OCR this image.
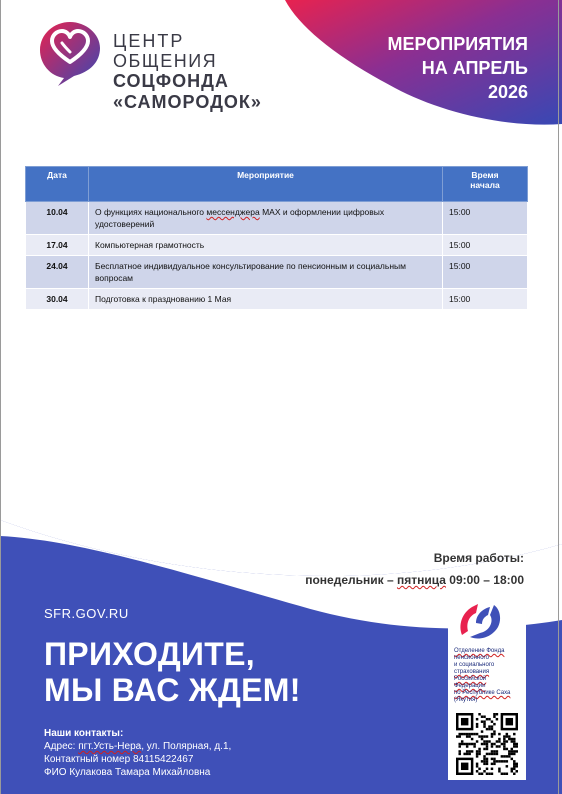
МЕРОПРИЯТИЯ
НА АПРЕЛЬ
2026
ЦЕНТР
ОБЩЕНИЯ
СОЦФОНДА
«САМОРОДОК»
Дата	Мероприятие	Время
начала

10.04	О функциях национального мессенджера MAX и оформлении цифровых удостоверений	15:00
17.04	Компьютерная грамотность	15:00
24.04	Бесплатное индивидуальное консультирование по пенсионным и социальным вопросам	15:00
30.04	Подготовка к празднованию 1 Мая	15:00
Время работы:
понедельник – пятница 09:00 – 18:00
SFR.GOV.RU
ПРИХОДИТЕ,
МЫ ВАС ЖДЕМ!
Наши контакты:
Адрес: пгт.Усть-Нера, ул. Полярная, д.1,
Контактный номер 84115422467
ФИО Кулакова Тамара Михайловна
Отделение Фонда
пенсионного
и социального
страхования
Российской
Федерации
по Республике Саха
(Якутия)
